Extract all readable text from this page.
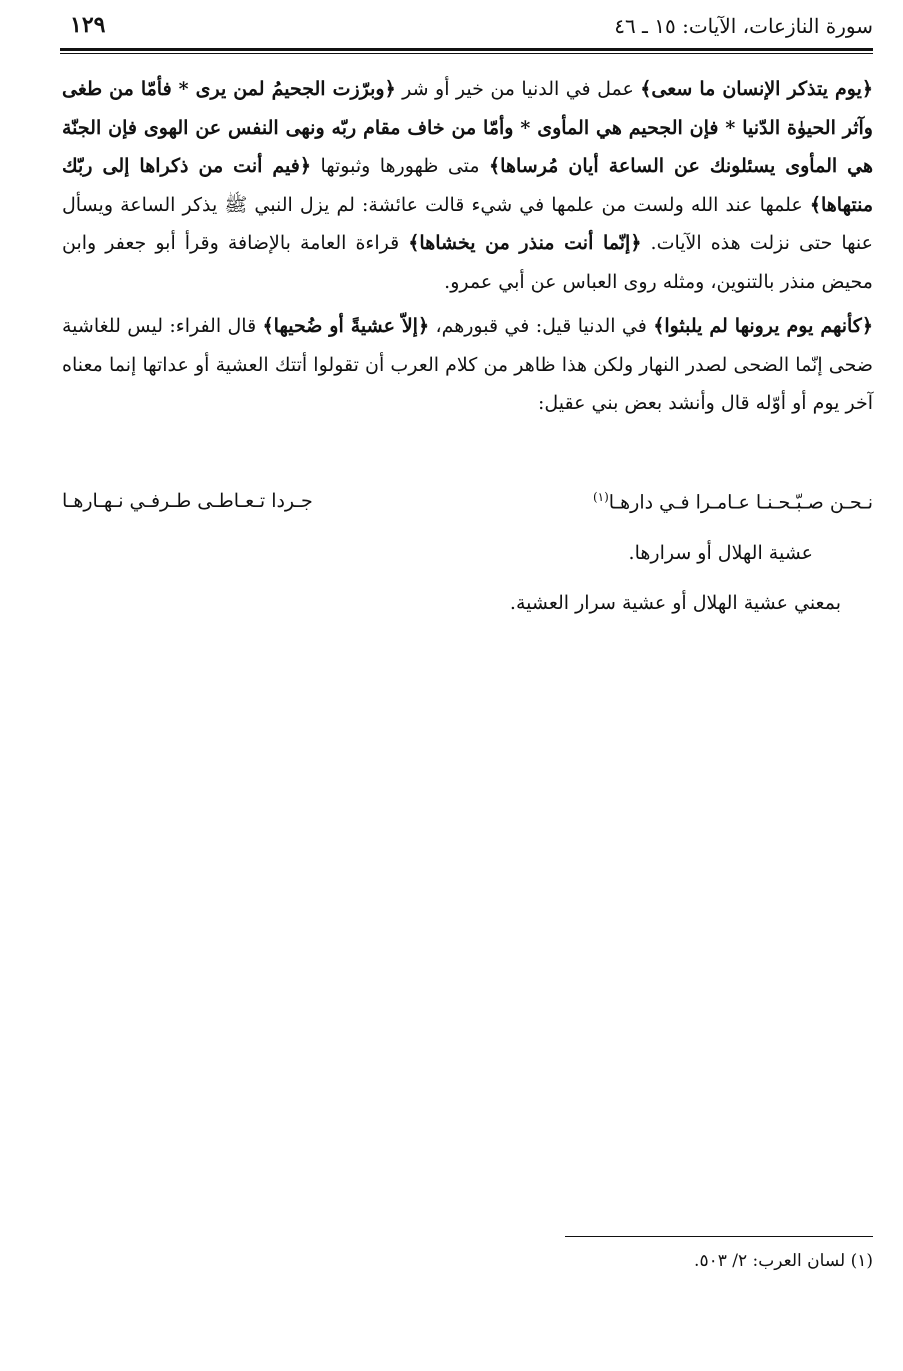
سورة النازعات، الآيات: ١٥ ـ ٤٦
١٢٩

﴿يوم يتذكر الإنسان ما سعى﴾ عمل في الدنيا من خير أو شر ﴿وبرّزت الجحيمُ لمن يرى * فأمّا من طغى وآثر الحيوٰة الدّنيا * فإن الجحيم هي المأوى * وأمّا من خاف مقام ربّه ونهى النفس عن الهوى فإن الجنّة هي المأوى يسئلونك عن الساعة أيان مُرساها﴾ متى ظهورها وثبوتها ﴿فيم أنت من ذكراها إلى ربّك منتهاها﴾ علمها عند الله ولست من علمها في شيء قالت عائشة: لم يزل النبي ﷺ يذكر الساعة ويسأل عنها حتى نزلت هذه الآيات. ﴿إنّما أنت منذر من يخشاها﴾ قراءة العامة بالإضافة وقرأ أبو جعفر وابن محيض منذر بالتنوين، ومثله روى العباس عن أبي عمرو.

﴿كأنهم يوم يرونها لم يلبثوا﴾ في الدنيا قيل: في قبورهم، ﴿إلاّ عشيةً أو ضُحيها﴾ قال الفراء: ليس للغاشية ضحى إنّما الضحى لصدر النهار ولكن هذا ظاهر من كلام العرب أن تقولوا أتتك العشية أو عداتها إنما معناه آخر يوم أو أوّله قال وأنشد بعض بني عقيل:

نـحـن صـبّـحـنـا عـامـرا فـي دارهـا$^{(١)}$
جـردا تـعـاطـى طـرفـي نـهـارهـا
عشية الهلال أو سرارها.
بمعني عشية الهلال أو عشية سرار العشية.
(١) لسان العرب: ٢/ ٥٠٣.
